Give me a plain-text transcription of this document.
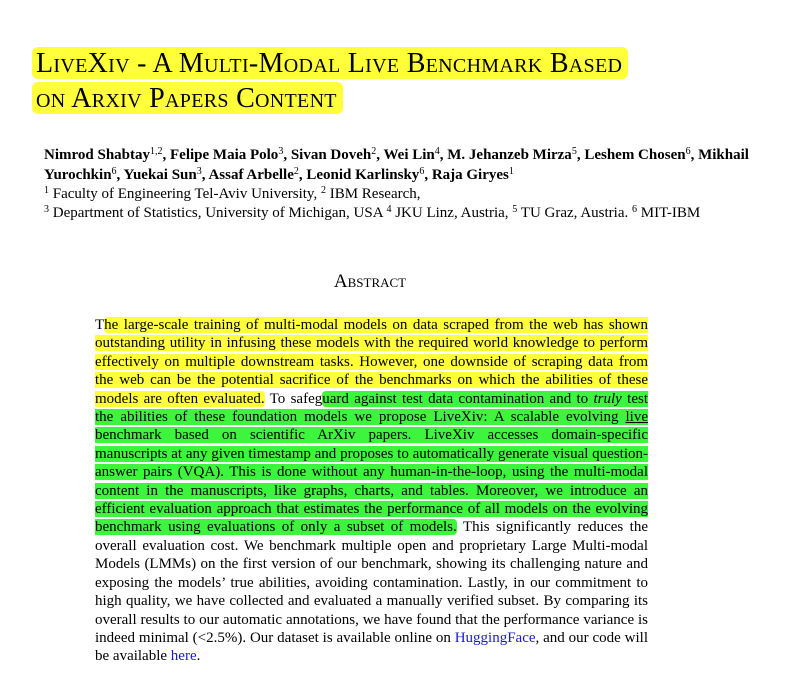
LiveXiv - A Multi-Modal Live Benchmark Based
on Arxiv Papers Content
Nimrod Shabtay$^{1,2}$, Felipe Maia Polo$^3$, Sivan Doveh$^2$, Wei Lin$^4$, M. Jehanzeb Mirza$^5$, Leshem Chosen$^6$, Mikhail Yurochkin$^6$, Yuekai Sun$^3$, Assaf Arbelle$^2$, Leonid Karlinsky$^6$, Raja Giryes$^1$
$^1$ Faculty of Engineering Tel-Aviv University, $^2$ IBM Research,
$^3$ Department of Statistics, University of Michigan, USA $^4$ JKU Linz, Austria, $^5$ TU Graz, Austria. $^6$ MIT-IBM
Abstract

The large-scale training of multi-modal models on data scraped from the web has shown outstanding utility in infusing these models with the required world knowledge to perform effectively on multiple downstream tasks. However, one downside of scraping data from the web can be the potential sacrifice of the benchmarks on which the abilities of these models are often evaluated. To safeguard against test data contamination and to truly test the abilities of these foundation models we propose LiveXiv: A scalable evolving live benchmark based on scientific ArXiv papers. LiveXiv accesses domain-specific manuscripts at any given timestamp and proposes to automatically generate visual question-answer pairs (VQA). This is done without any human-in-the-loop, using the multi-modal content in the manuscripts, like graphs, charts, and tables. Moreover, we introduce an efficient evaluation approach that estimates the performance of all models on the evolving benchmark using evaluations of only a subset of models. This significantly reduces the overall evaluation cost. We benchmark multiple open and proprietary Large Multi-modal Models (LMMs) on the first version of our benchmark, showing its challenging nature and exposing the models’ true abilities, avoiding contamination. Lastly, in our commitment to high quality, we have collected and evaluated a manually verified subset. By comparing its overall results to our automatic annotations, we have found that the performance variance is indeed minimal (<2.5%). Our dataset is available online on HuggingFace, and our code will be available here.
